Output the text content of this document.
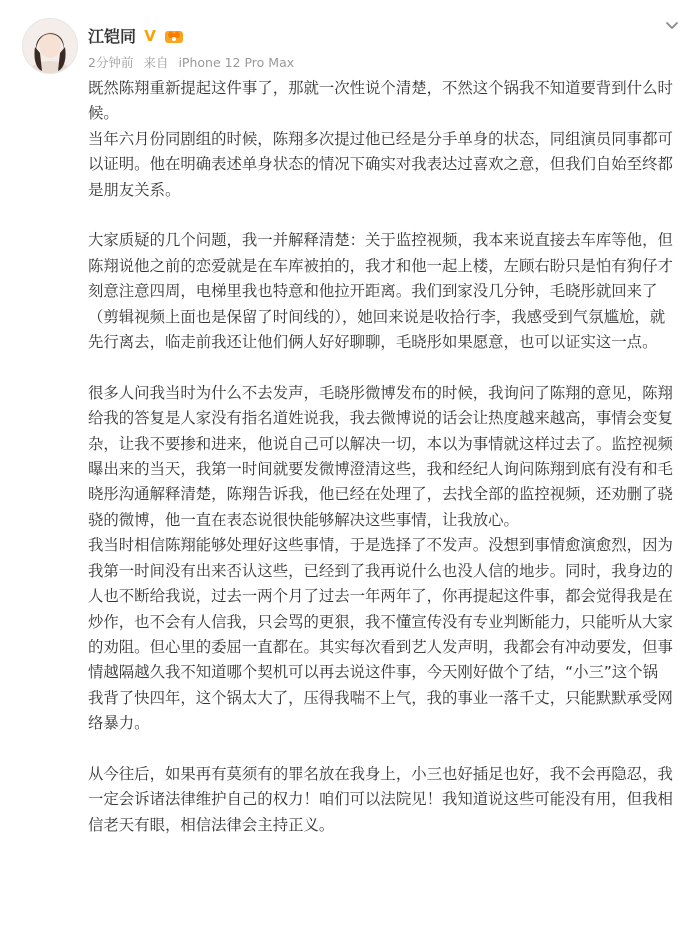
江铠同 V
2分钟前 来自 iPhone 12 Pro Max

既然陈翔重新提起这件事了，那就一次性说个清楚，不然这个锅我不知道要背到什么时候。

当年六月份同剧组的时候，陈翔多次提过他已经是分手单身的状态，同组演员同事都可以证明。他在明确表述单身状态的情况下确实对我表达过喜欢之意，但我们自始至终都是朋友关系。

大家质疑的几个问题，我一并解释清楚：关于监控视频，我本来说直接去车库等他，但陈翔说他之前的恋爱就是在车库被拍的，我才和他一起上楼，左顾右盼只是怕有狗仔才刻意注意四周，电梯里我也特意和他拉开距离。我们到家没几分钟，毛晓彤就回来了（剪辑视频上面也是保留了时间线的），她回来说是收拾行李，我感受到气氛尴尬，就先行离去，临走前我还让他们俩人好好聊聊，毛晓彤如果愿意，也可以证实这一点。

很多人问我当时为什么不去发声，毛晓彤微博发布的时候，我询问了陈翔的意见，陈翔给我的答复是人家没有指名道姓说我，我去微博说的话会让热度越来越高，事情会变复杂，让我不要掺和进来，他说自己可以解决一切，本以为事情就这样过去了。监控视频曝出来的当天，我第一时间就要发微博澄清这些，我和经纪人询问陈翔到底有没有和毛晓彤沟通解释清楚，陈翔告诉我，他已经在处理了，去找全部的监控视频，还劝删了骁骁的微博，他一直在表态说很快能够解决这些事情，让我放心。

我当时相信陈翔能够处理好这些事情，于是选择了不发声。没想到事情愈演愈烈，因为我第一时间没有出来否认这些，已经到了我再说什么也没人信的地步。同时，我身边的人也不断给我说，过去一两个月了过去一年两年了，你再提起这件事，都会觉得我是在炒作，也不会有人信我，只会骂的更狠，我不懂宣传没有专业判断能力，只能听从大家的劝阻。但心里的委屈一直都在。其实每次看到艺人发声明，我都会有冲动要发，但事情越隔越久我不知道哪个契机可以再去说这件事，今天刚好做个了结，“小三”这个锅我背了快四年，这个锅太大了，压得我喘不上气，我的事业一落千丈，只能默默承受网络暴力。

从今往后，如果再有莫须有的罪名放在我身上，小三也好插足也好，我不会再隐忍，我一定会诉诸法律维护自己的权力！咱们可以法院见！我知道说这些可能没有用，但我相信老天有眼，相信法律会主持正义。
